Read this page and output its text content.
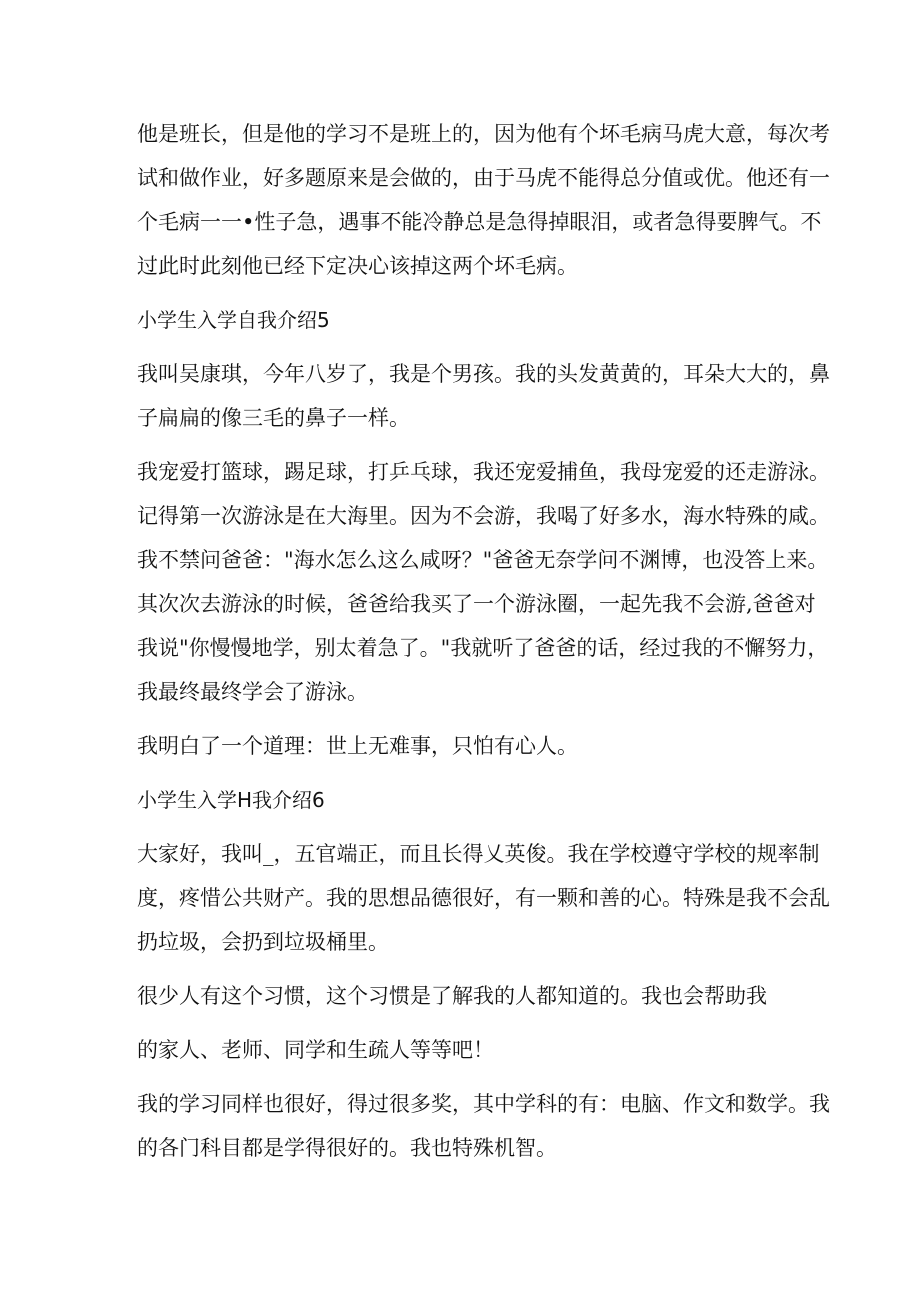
他是班长，但是他的学习不是班上的，因为他有个坏毛病马虎大意，每次考
试和做作业，好多题原来是会做的，由于马虎不能得总分值或优。他还有一
个毛病一一•性子急，遇事不能冷静总是急得掉眼泪，或者急得要脾气。不
过此时此刻他已经下定决心该掉这两个坏毛病。
小学生入学自我介绍5
我叫吴康琪，今年八岁了，我是个男孩。我的头发黄黄的，耳朵大大的，鼻
子扁扁的像三毛的鼻子一样。
我宠爱打篮球，踢足球，打乒乓球，我还宠爱捕鱼，我母宠爱的还走游泳。
记得第一次游泳是在大海里。因为不会游，我喝了好多水，海水特殊的咸。
我不禁问爸爸："海水怎么这么咸呀？"爸爸无奈学问不渊博，也没答上来。
其次次去游泳的时候，爸爸给我买了一个游泳圈，一起先我不会游,爸爸对
我说"你慢慢地学，别太着急了。"我就听了爸爸的话，经过我的不懈努力，
我最终最终学会了游泳。
我明白了一个道理：世上无难事，只怕有心人。
小学生入学H我介绍6
大家好，我叫_，五官端正，而且长得乂英俊。我在学校遵守学校的规率制
度，疼惜公共财产。我的思想品德很好，有一颗和善的心。特殊是我不会乱
扔垃圾，会扔到垃圾桶里。
很少人有这个习惯，这个习惯是了解我的人都知道的。我也会帮助我
的家人、老师、同学和生疏人等等吧！
我的学习同样也很好，得过很多奖，其中学科的有：电脑、作文和数学。我
的各门科目都是学得很好的。我也特殊机智。
